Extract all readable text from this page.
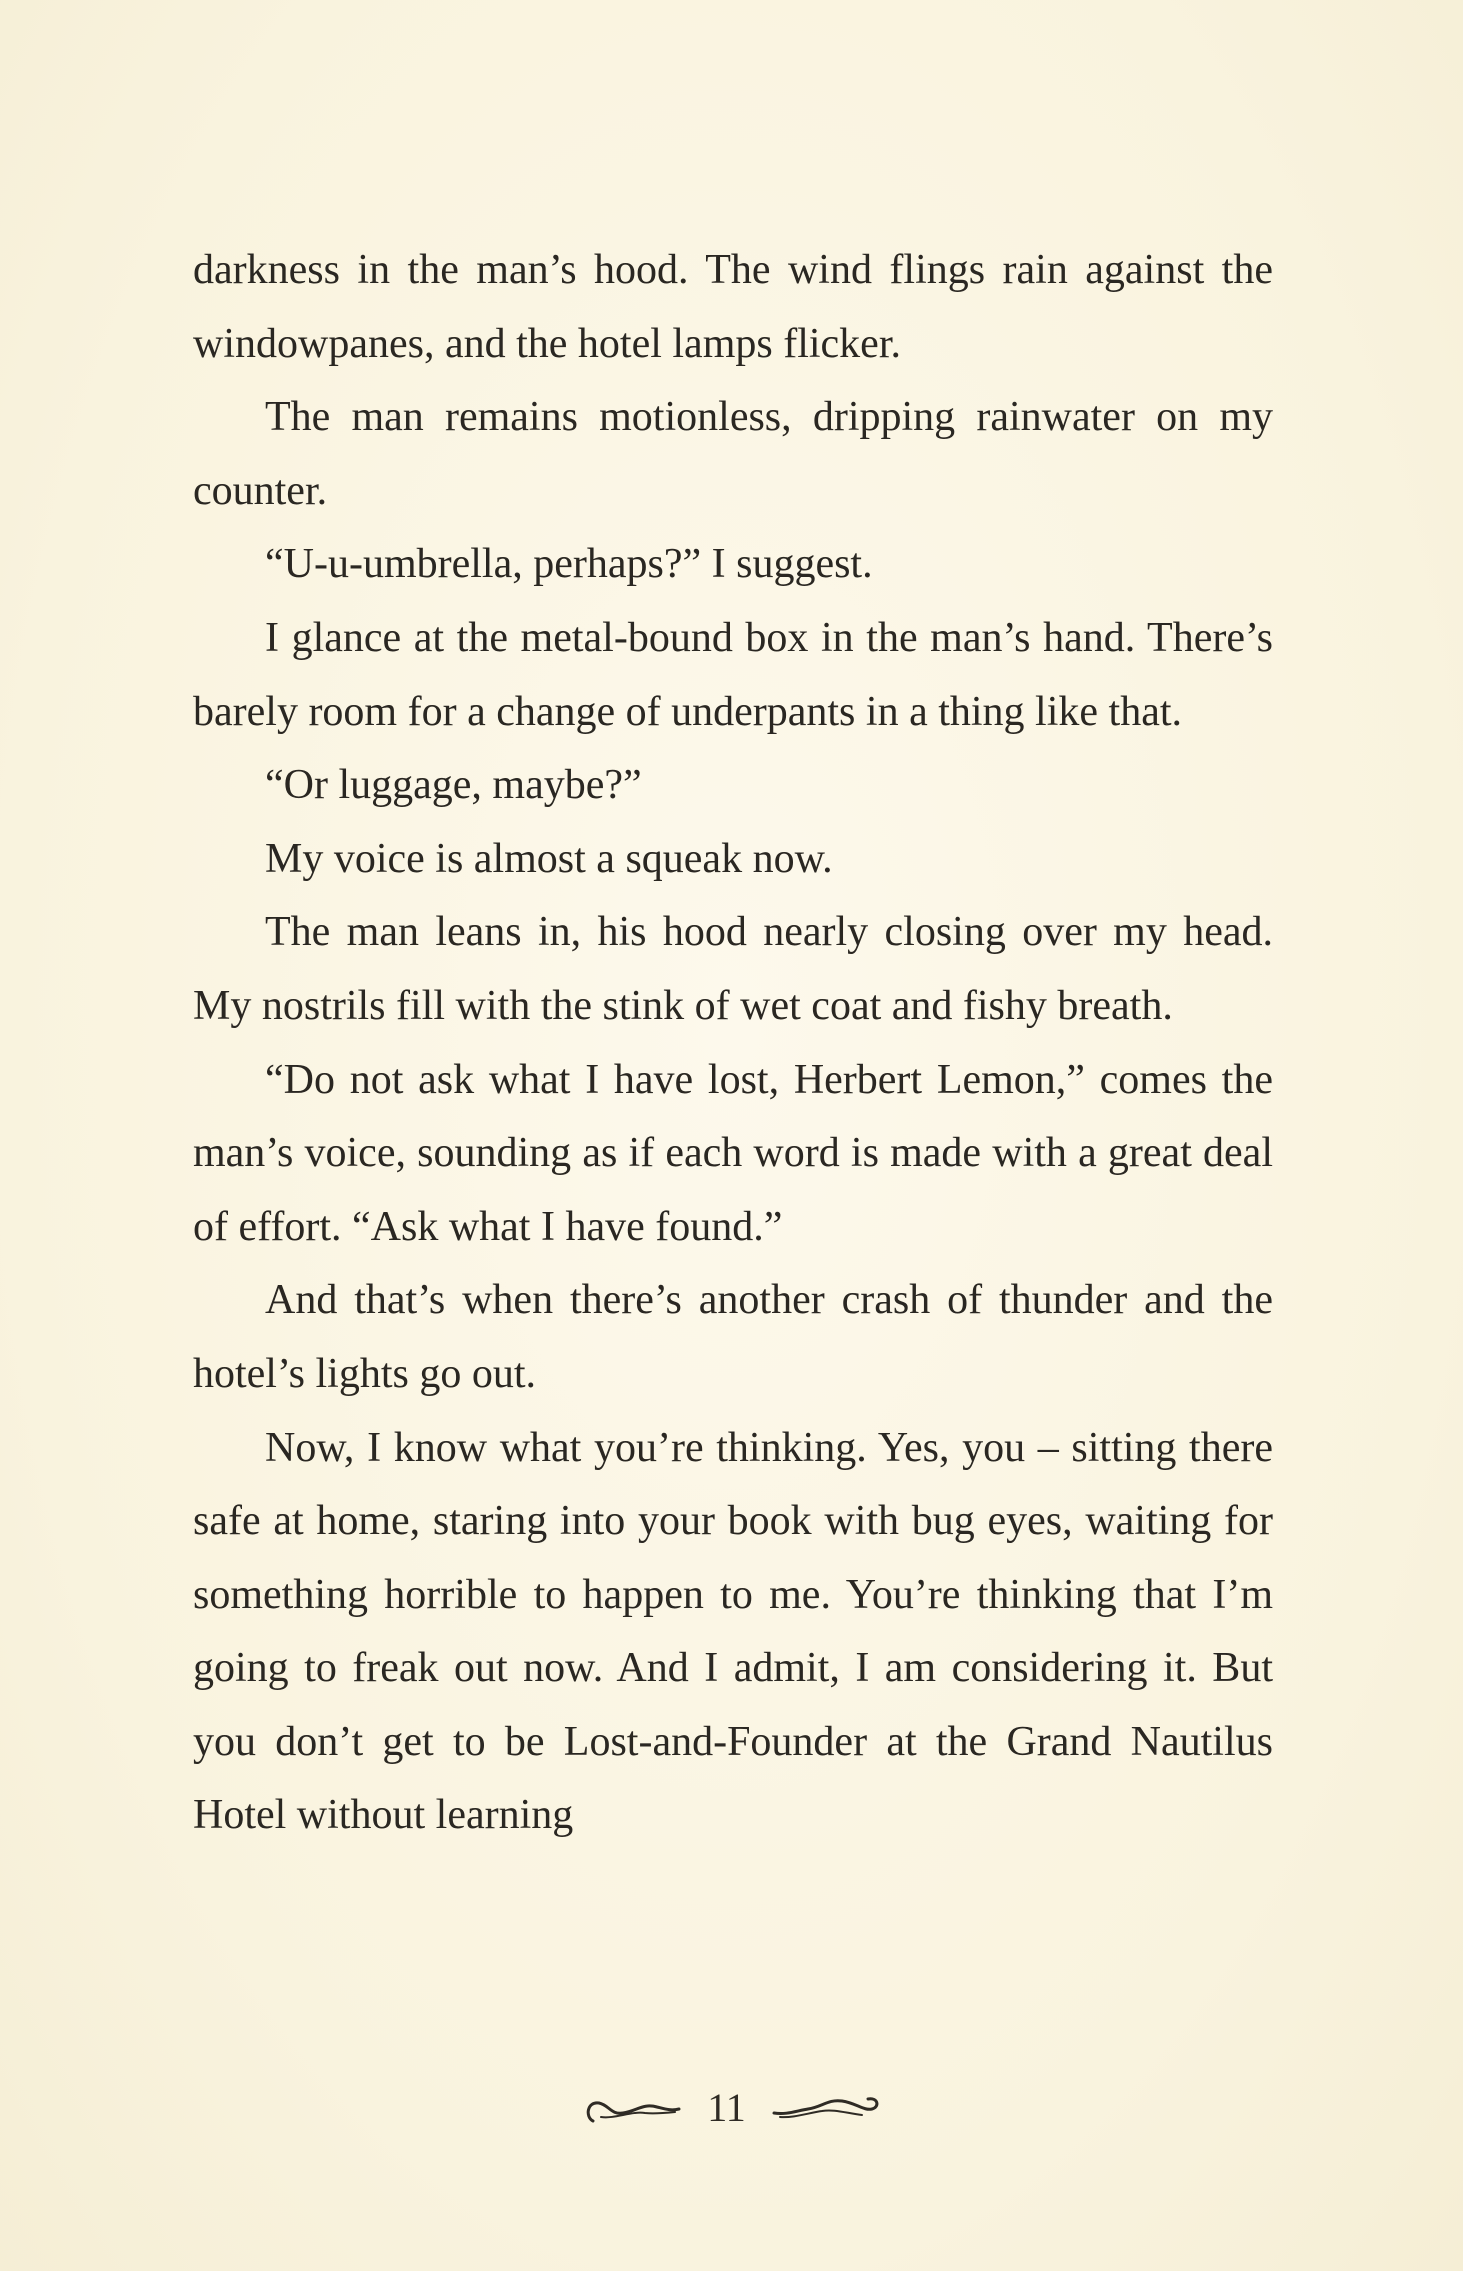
darkness in the man’s hood. The wind flings rain against the windowpanes, and the hotel lamps flicker.

The man remains motionless, dripping rainwater on my counter.

“U-u-umbrella, perhaps?” I suggest.

I glance at the metal-bound box in the man’s hand. There’s barely room for a change of underpants in a thing like that.

“Or luggage, maybe?”

My voice is almost a squeak now.

The man leans in, his hood nearly closing over my head. My nostrils fill with the stink of wet coat and fishy breath.

“Do not ask what I have lost, Herbert Lemon,” comes the man’s voice, sounding as if each word is made with a great deal of effort. “Ask what I have found.”

And that’s when there’s another crash of thunder and the hotel’s lights go out.

Now, I know what you’re thinking. Yes, you – sitting there safe at home, staring into your book with bug eyes, waiting for something horrible to happen to me. You’re thinking that I’m going to freak out now. And I admit, I am considering it. But you don’t get to be Lost-and-Founder at the Grand Nautilus Hotel without learning

11
